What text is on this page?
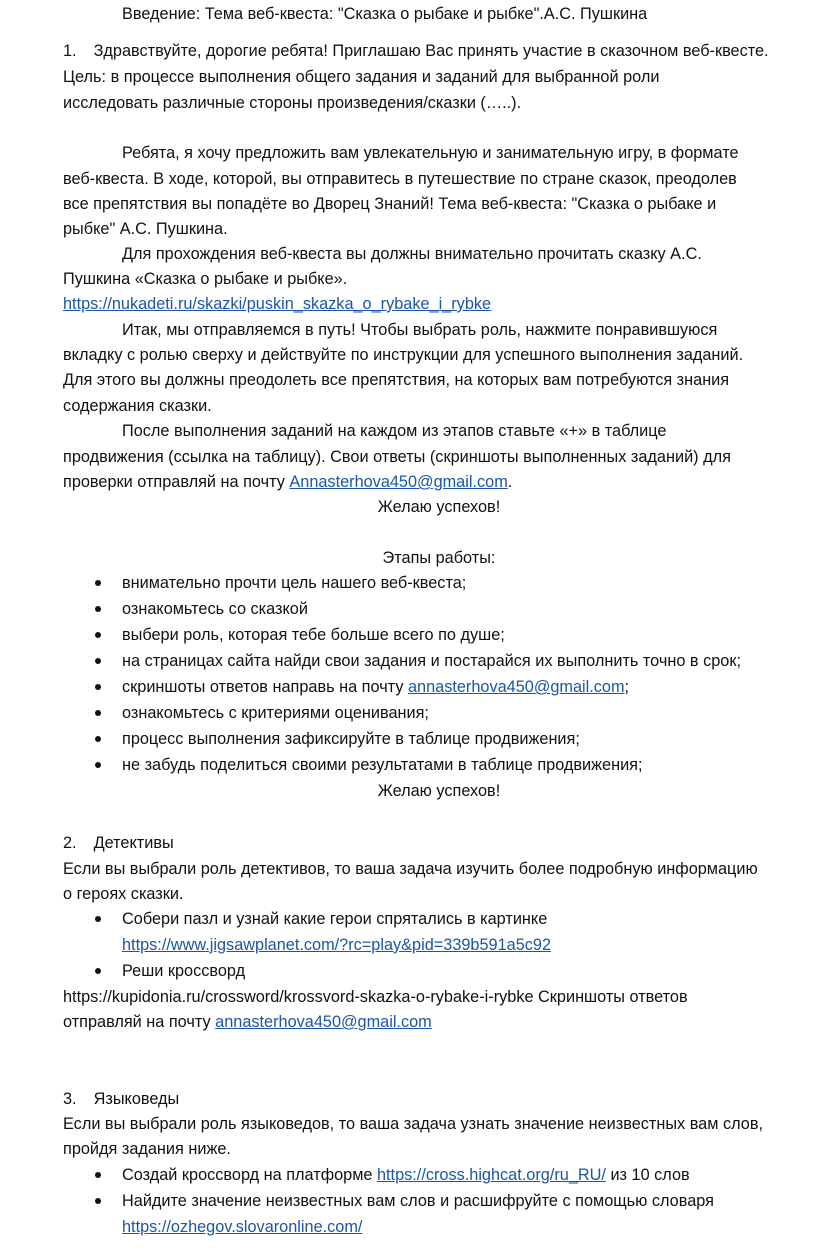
Введение: Тема веб-квеста: "Сказка о рыбаке и рыбке".А.С. Пушкина
1. Здравствуйте, дорогие ребята! Приглашаю Вас принять участие в сказочном веб-квесте.
Цель: в процессе выполнения общего задания и заданий для выбранной роли
исследовать различные стороны произведения/сказки (…..).
Ребята, я хочу предложить вам увлекательную и занимательную игру, в формате
веб-квеста. В ходе, которой, вы отправитесь в путешествие по стране сказок, преодолев
все препятствия вы попадёте во Дворец Знаний! Тема веб-квеста: "Сказка о рыбаке и
рыбке" А.С. Пушкина.
Для прохождения веб-квеста вы должны внимательно прочитать сказку А.С.
Пушкина «Сказка о рыбаке и рыбке».
https://nukadeti.ru/skazki/puskin_skazka_o_rybake_i_rybke
Итак, мы отправляемся в путь! Чтобы выбрать роль, нажмите понравившуюся
вкладку с ролью сверху и действуйте по инструкции для успешного выполнения заданий.
Для этого вы должны преодолеть все препятствия, на которых вам потребуются знания
содержания сказки.
После выполнения заданий на каждом из этапов ставьте «+» в таблице
продвижения (ссылка на таблицу). Свои ответы (скриншоты выполненных заданий) для
проверки отправляй на почту Annasterhova450@gmail.com.
Желаю успехов!
Этапы работы:
внимательно прочти цель нашего веб-квеста;
ознакомьтесь со сказкой
выбери роль, которая тебе больше всего по душе;
на страницах сайта найди свои задания и постарайся их выполнить точно в срок;
скриншоты ответов направь на почту annasterhova450@gmail.com;
ознакомьтесь с критериями оценивания;
процесс выполнения зафиксируйте в таблице продвижения;
не забудь поделиться своими результатами в таблице продвижения;
Желаю успехов!
2. Детективы
Если вы выбрали роль детективов, то ваша задача изучить более подробную информацию
о героях сказки.
Собери пазл и узнай какие герои спрятались в картинке
https://www.jigsawplanet.com/?rc=play&pid=339b591a5c92
Реши кроссворд
https://kupidonia.ru/crossword/krossvord-skazka-o-rybake-i-rybke Скриншоты ответов
отправляй на почту annasterhova450@gmail.com
3. Языковеды
Если вы выбрали роль языковедов, то ваша задача узнать значение неизвестных вам слов,
пройдя задания ниже.
Создай кроссворд на платформе https://cross.highcat.org/ru_RU/ из 10 слов
Найдите значение неизвестных вам слов и расшифруйте с помощью словаря
https://ozhegov.slovaronline.com/
